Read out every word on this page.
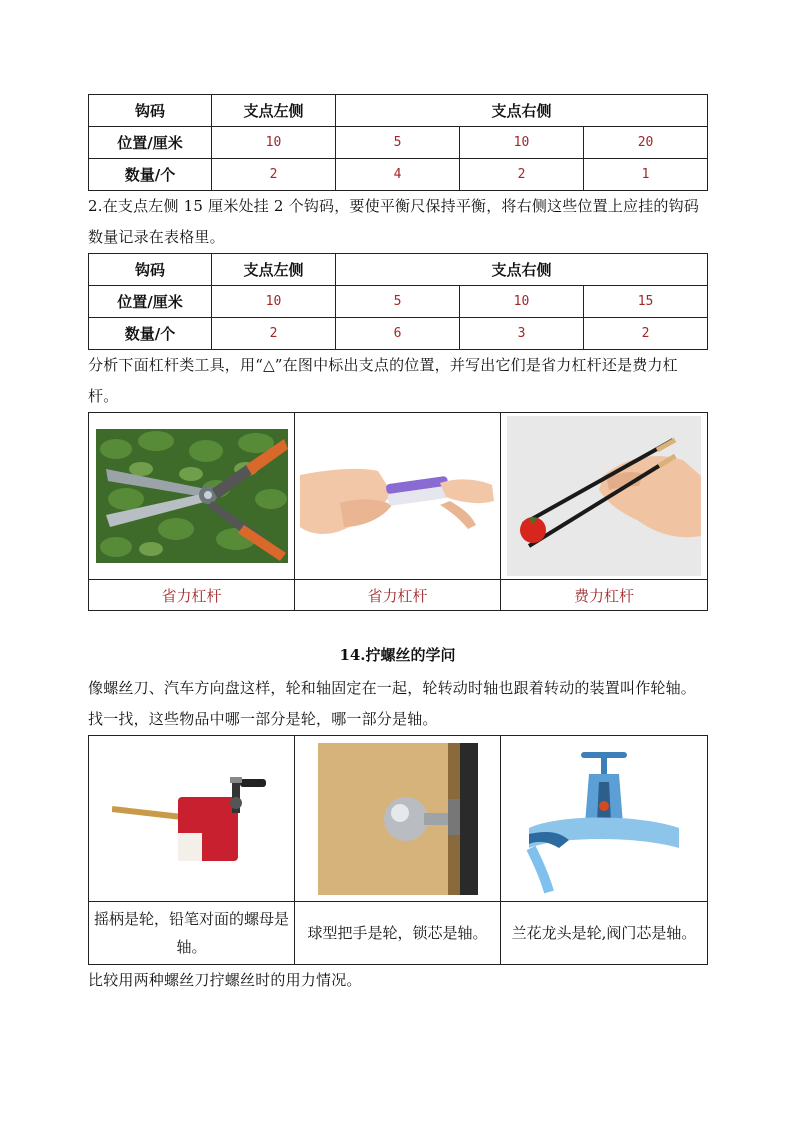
钩码	支点左侧	支点右侧		
位置/厘米	10	5	10	20
数量/个	2	4	2	1

2.在支点左侧 15 厘米处挂 2 个钩码，要使平衡尺保持平衡，将右侧这些位置上应挂的钩码数量记录在表格里。

钩码	支点左侧	支点右侧		
位置/厘米	10	5	10	15
数量/个	2	6	3	2

分析下面杠杆类工具，用“△”在图中标出支点的位置，并写出它们是省力杠杆还是费力杠杆。

省力杠杆	省力杠杆	费力杠杆
14.拧螺丝的学问

像螺丝刀、汽车方向盘这样，轮和轴固定在一起，轮转动时轴也跟着转动的装置叫作轮轴。

找一找，这些物品中哪一部分是轮，哪一部分是轴。

摇柄是轮，铅笔对面的螺母是轴。	球型把手是轮，锁芯是轴。	兰花龙头是轮,阀门芯是轴。

比较用两种螺丝刀拧螺丝时的用力情况。
